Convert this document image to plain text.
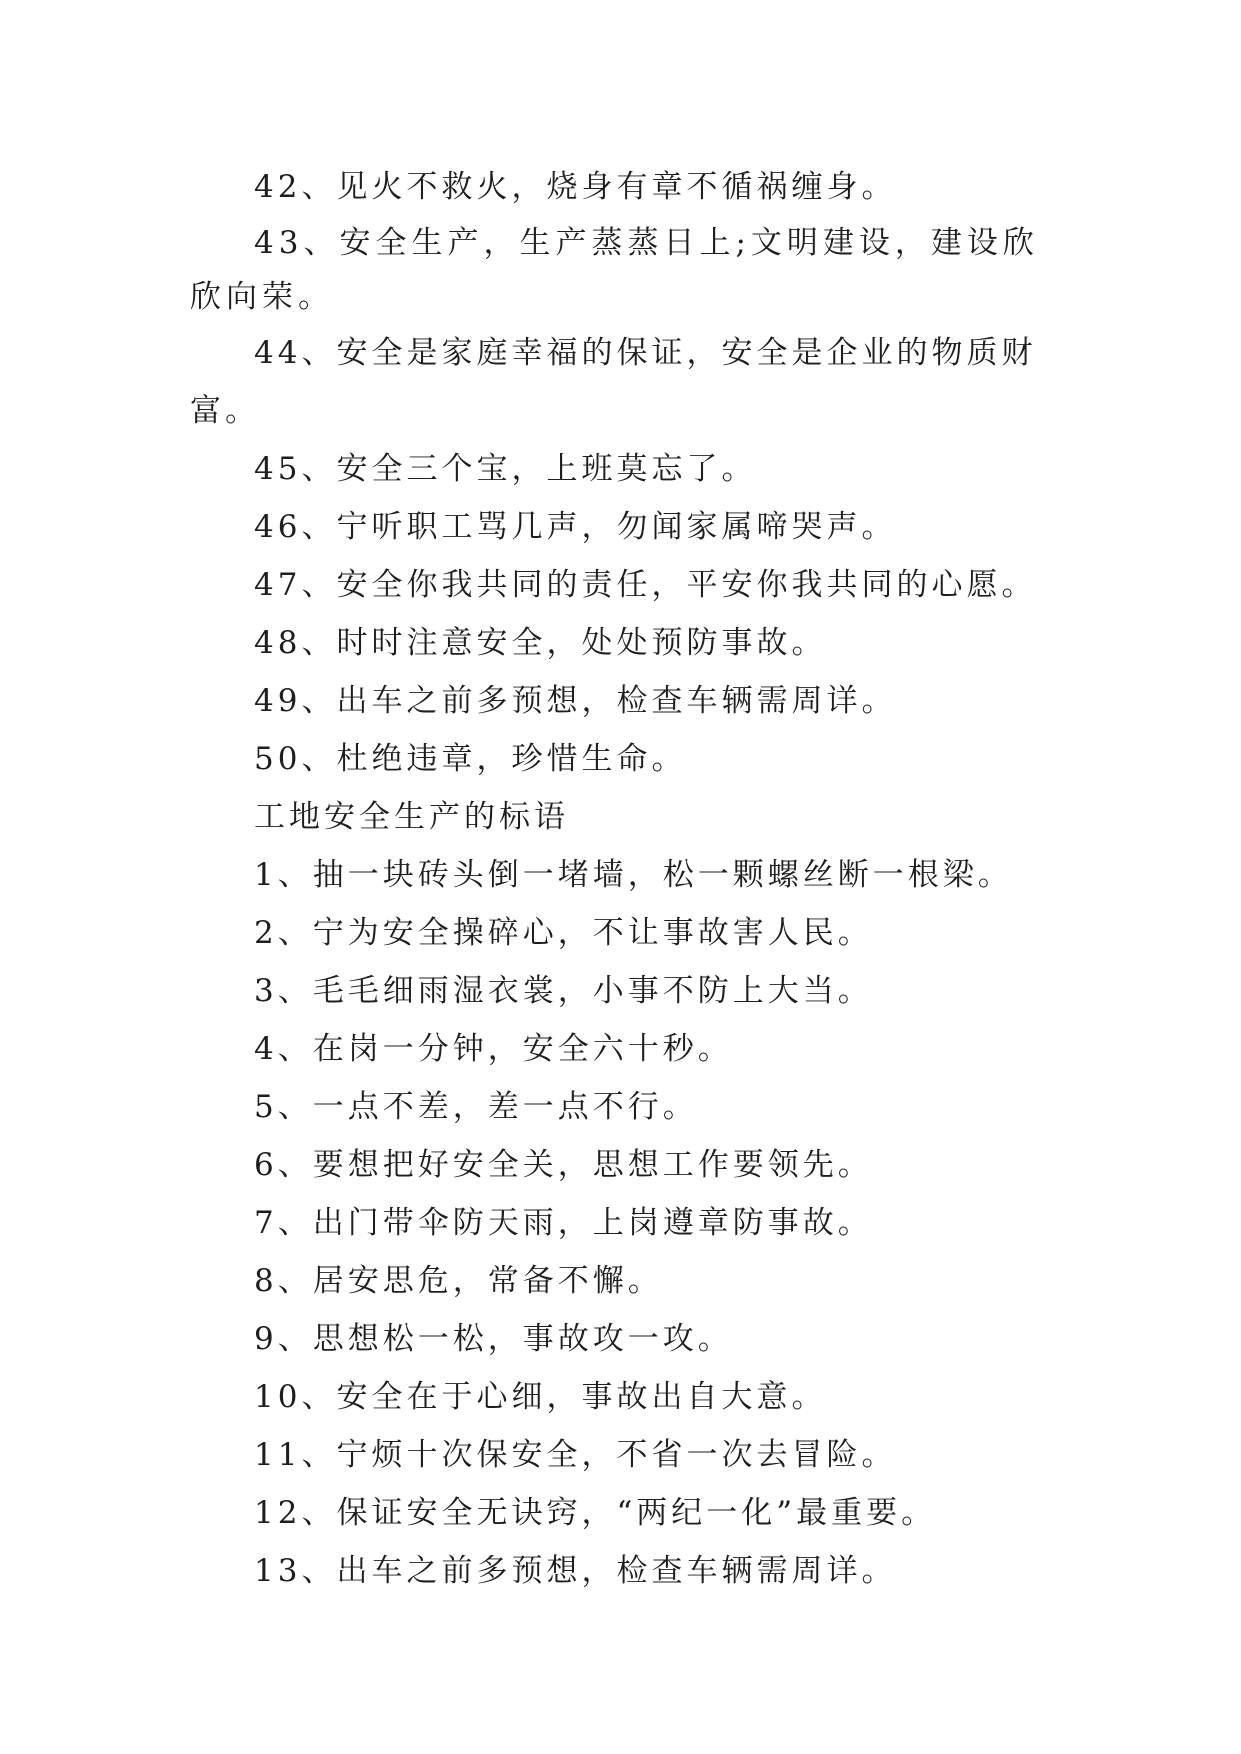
42、见火不救火，烧身有章不循祸缠身。

43、安全生产，生产蒸蒸日上;文明建设，建设欣欣向荣。

44、安全是家庭幸福的保证，安全是企业的物质财富。

45、安全三个宝，上班莫忘了。

46、宁听职工骂几声，勿闻家属啼哭声。

47、安全你我共同的责任，平安你我共同的心愿。

48、时时注意安全，处处预防事故。

49、出车之前多预想，检查车辆需周详。

50、杜绝违章，珍惜生命。

工地安全生产的标语

1、抽一块砖头倒一堵墙，松一颗螺丝断一根梁。

2、宁为安全操碎心，不让事故害人民。

3、毛毛细雨湿衣裳，小事不防上大当。

4、在岗一分钟，安全六十秒。

5、一点不差，差一点不行。

6、要想把好安全关，思想工作要领先。

7、出门带伞防天雨，上岗遵章防事故。

8、居安思危，常备不懈。

9、思想松一松，事故攻一攻。

10、安全在于心细，事故出自大意。

11、宁烦十次保安全，不省一次去冒险。

12、保证安全无诀窍，“两纪一化”最重要。

13、出车之前多预想，检查车辆需周详。
